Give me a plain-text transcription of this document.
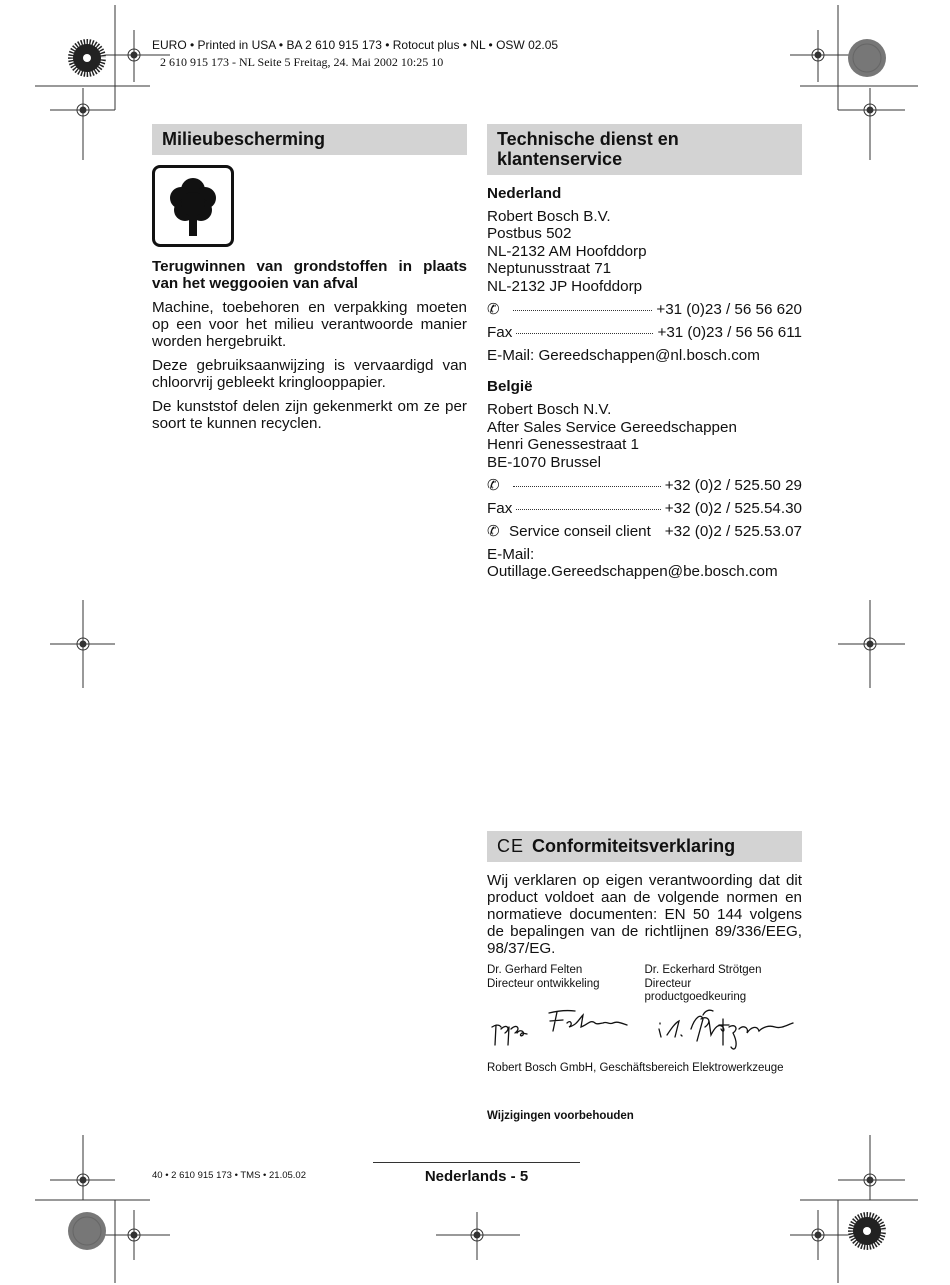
EURO • Printed in USA • BA 2 610 915 173 • Rotocut plus • NL • OSW 02.05
2 610 915 173 - NL Seite 5 Freitag, 24. Mai 2002 10:25 10
Milieubescherming

Terugwinnen van grondstoffen in plaats van het weggooien van afval

Machine, toebehoren en verpakking moeten op een voor het milieu verantwoorde manier worden hergebruikt.

Deze gebruiksaanwijzing is vervaardigd van chloorvrij gebleekt kringlooppapier.

De kunststof delen zijn gekenmerkt om ze per soort te kunnen recyclen.

Technische dienst en
klantenservice
Nederland
Robert Bosch B.V.
Postbus 502
NL-2132 AM Hoofddorp
Neptunusstraat 71
NL-2132 JP Hoofddorp
✆	+31 (0)23 / 56 56 620
Fax	+31 (0)23 / 56 56 611
E-Mail: Gereedschappen@nl.bosch.com
België
Robert Bosch N.V.
After Sales Service Gereedschappen
Henri Genessestraat 1
BE-1070 Brussel
✆	+32 (0)2 / 525.50 29
Fax	+32 (0)2 / 525.54.30
✆ Service conseil client +32 (0)2 / 525.53.07
E-Mail:
Outillage.Gereedschappen@be.bosch.com
CE Conformiteitsverklaring

Wij verklaren op eigen verantwoording dat dit product voldoet aan de volgende normen en normatieve documenten: EN 50 144 volgens de bepalingen van de richtlijnen 89/336/EEG, 98/37/EG.

Dr. Gerhard Felten
Directeur ontwikkeling
Dr. Eckerhard Strötgen
Directeur
productgoedkeuring
Robert Bosch GmbH, Geschäftsbereich Elektrowerkzeuge
Wijzigingen voorbehouden
40 • 2 610 915 173 • TMS • 21.05.02	Nederlands - 5
